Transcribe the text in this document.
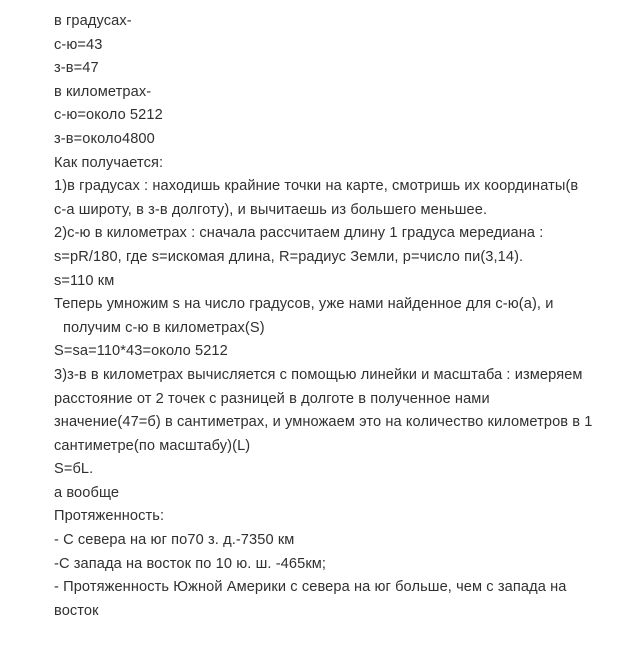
в градусах-
с-ю=43
з-в=47
в километрах-
с-ю=около 5212
з-в=около4800
Как получается:
1)в градусах : находишь крайние точки на карте, смотришь их координаты(в
с-а широту, в з-в долготу), и вычитаешь из большего меньшее.
2)с-ю в километрах : сначала рассчитаем длину 1 градуса мередиана :
s=pR/180, где s=искомая длина, R=радиус Земли, p=число пи(3,14).
s=110 км
Теперь умножим s на число градусов, уже нами найденное для с-ю(а), и
получим с-ю в километрах(S)
S=sa=110*43=около 5212
3)з-в в километрах вычисляется с помощью линейки и масштаба : измеряем
расстояние от 2 точек с разницей в долготе в полученное нами
значение(47=б) в сантиметрах, и умножаем это на количество километров в 1
сантиметре(по масштабу)(L)
S=бL.
а вообще
Протяженность:
- С севера на юг по70 з. д.-7350 км
-С запада на восток по 10 ю. ш. -465км;
- Протяженность Южной Америки с севера на юг больше, чем с запада на
восток
